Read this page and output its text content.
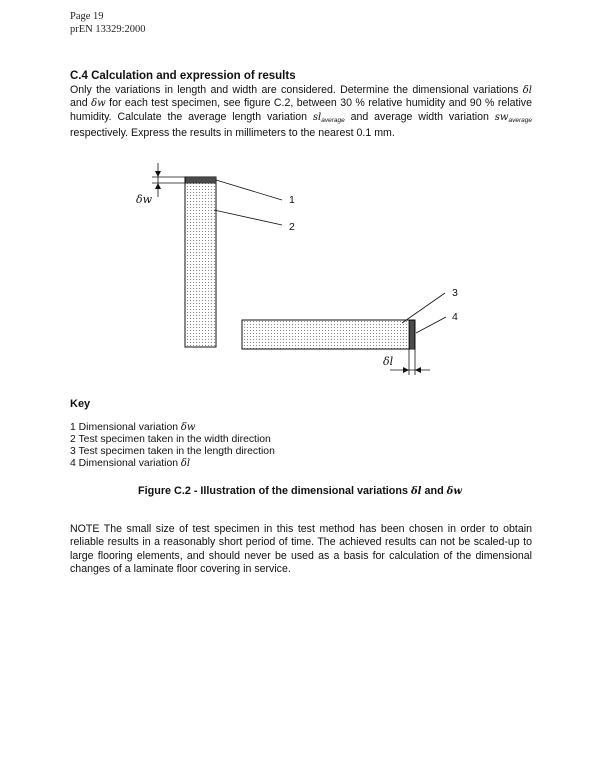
Page 19
prEN 13329:2000
C.4 Calculation and expression of results
Only the variations in length and width are considered. Determine the dimensional variations δl and δw for each test specimen, see figure C.2, between 30 % relative humidity and 90 % relative humidity. Calculate the average length variation $sl_{average}$ and average width variation $sw_{average}$ respectively. Express the results in millimeters to the nearest 0.1 mm.
δw	1
2
3
4
δl
Key
1 Dimensional variation δw
2 Test specimen taken in the width direction
3 Test specimen taken in the length direction
4 Dimensional variation δl
Figure C.2 - Illustration of the dimensional variations δl and δw
NOTE The small size of test specimen in this test method has been chosen in order to obtain reliable results in a reasonably short period of time. The achieved results can not be scaled-up to large flooring elements, and should never be used as a basis for calculation of the dimensional changes of a laminate floor covering in service.
